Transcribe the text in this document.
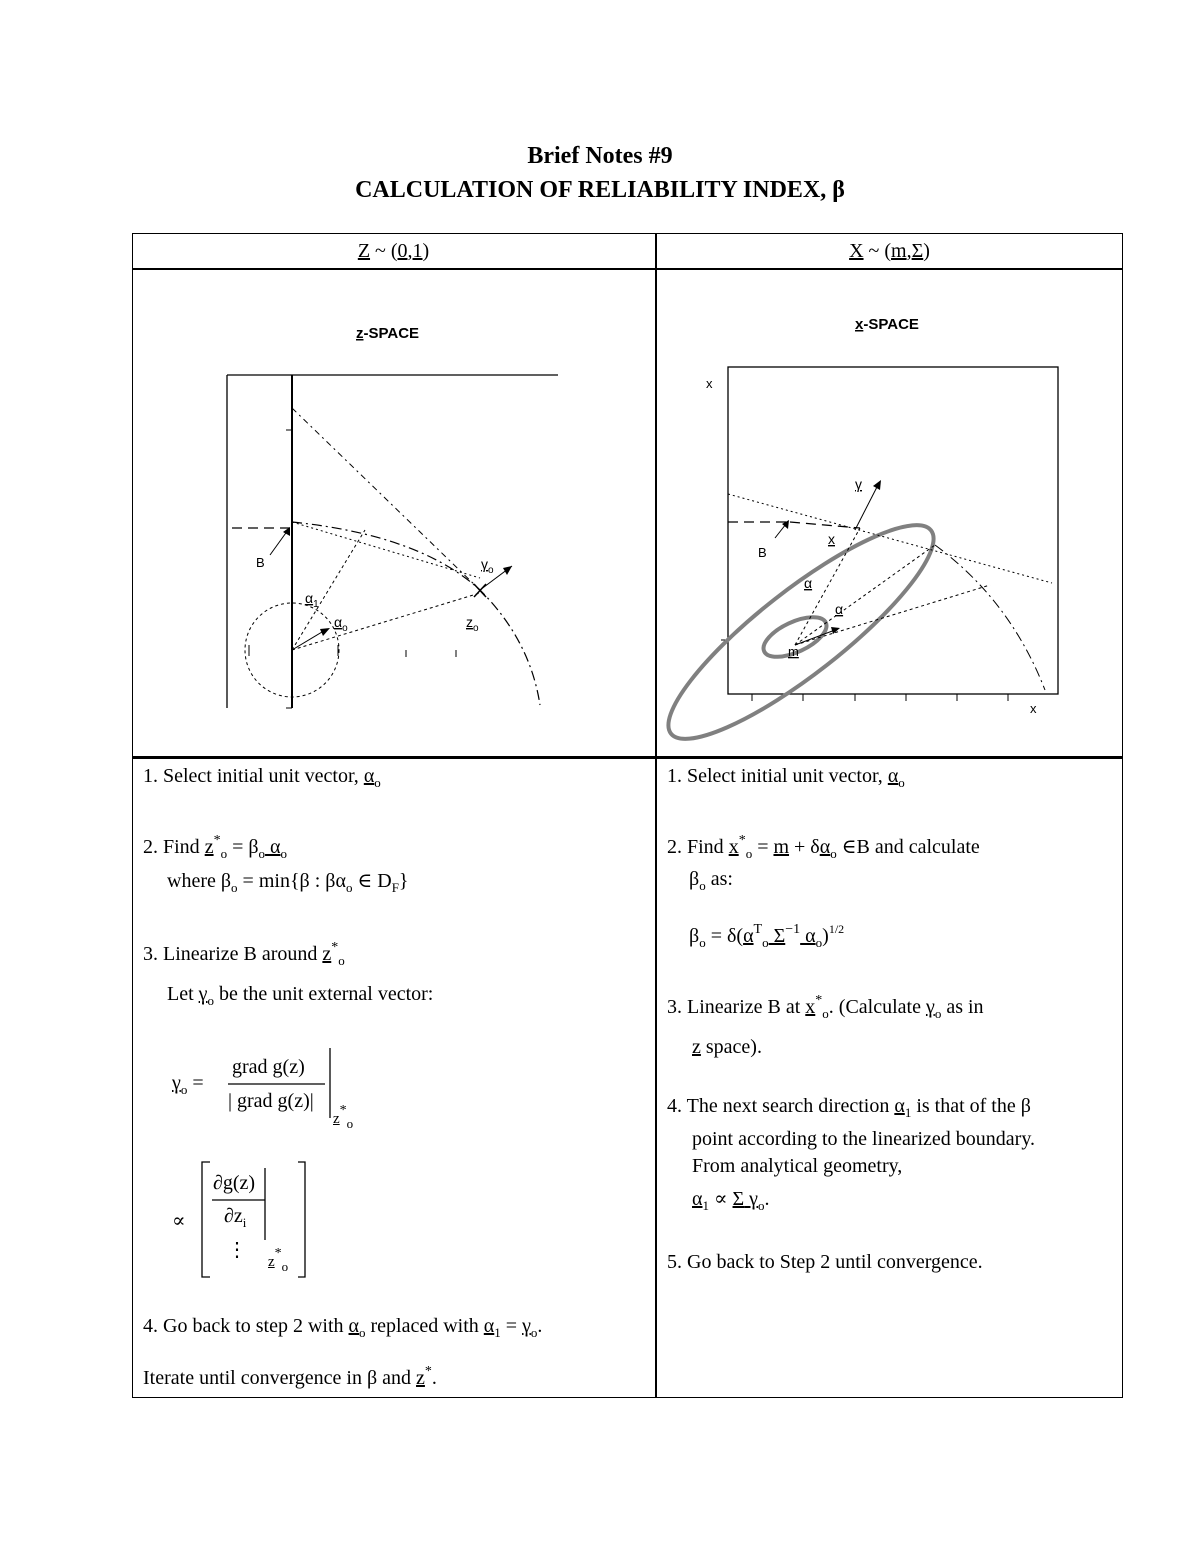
Brief Notes #9
CALCULATION OF RELIABILITY INDEX, β
Z ~ (0,1)	X ~ (m,Σ)
z-SPACE
B
$\alpha_1$
$\alpha_o$
$\gamma_o$
$z_o$
x-SPACE
x
x
B
x
α
α
γ
m
1. Select initial unit vector, $\alpha_o$
2. Find $z^*_o = \beta_o$ $\alpha_o$
where $\beta_o = \min\{\beta$ : $\beta\alpha_o$ ∈ $D_F$}
3. Linearize B around $z^*_o$
Let $\gamma_o$ be the unit external vector:
$\gamma_o$ =
grad g(z)
| grad g(z)|
z*o
∝
∂g(z)
$\partial z_i$
⋮
z*o
4. Go back to step 2 with $\alpha_o$ replaced with $\alpha_1 = \gamma_o$.
Iterate until convergence in β and z*.
1. Select initial unit vector, $\alpha_o$
2. Find $x^*_o = m + \delta\alpha_o$ ∈B and calculate
$\beta_o$ as:
$\beta_o = \delta(\alpha^T_o$ $\Sigma^{-1}$ $\alpha_o)^{1/2}$
3. Linearize B at $x^*_o$. (Calculate $\gamma_o$ as in
z space).
4. The next search direction $\alpha_1$ is that of the β
point according to the linearized boundary.
From analytical geometry,
$\alpha_1 \propto \Sigma$ $\gamma_o$.
5. Go back to Step 2 until convergence.
